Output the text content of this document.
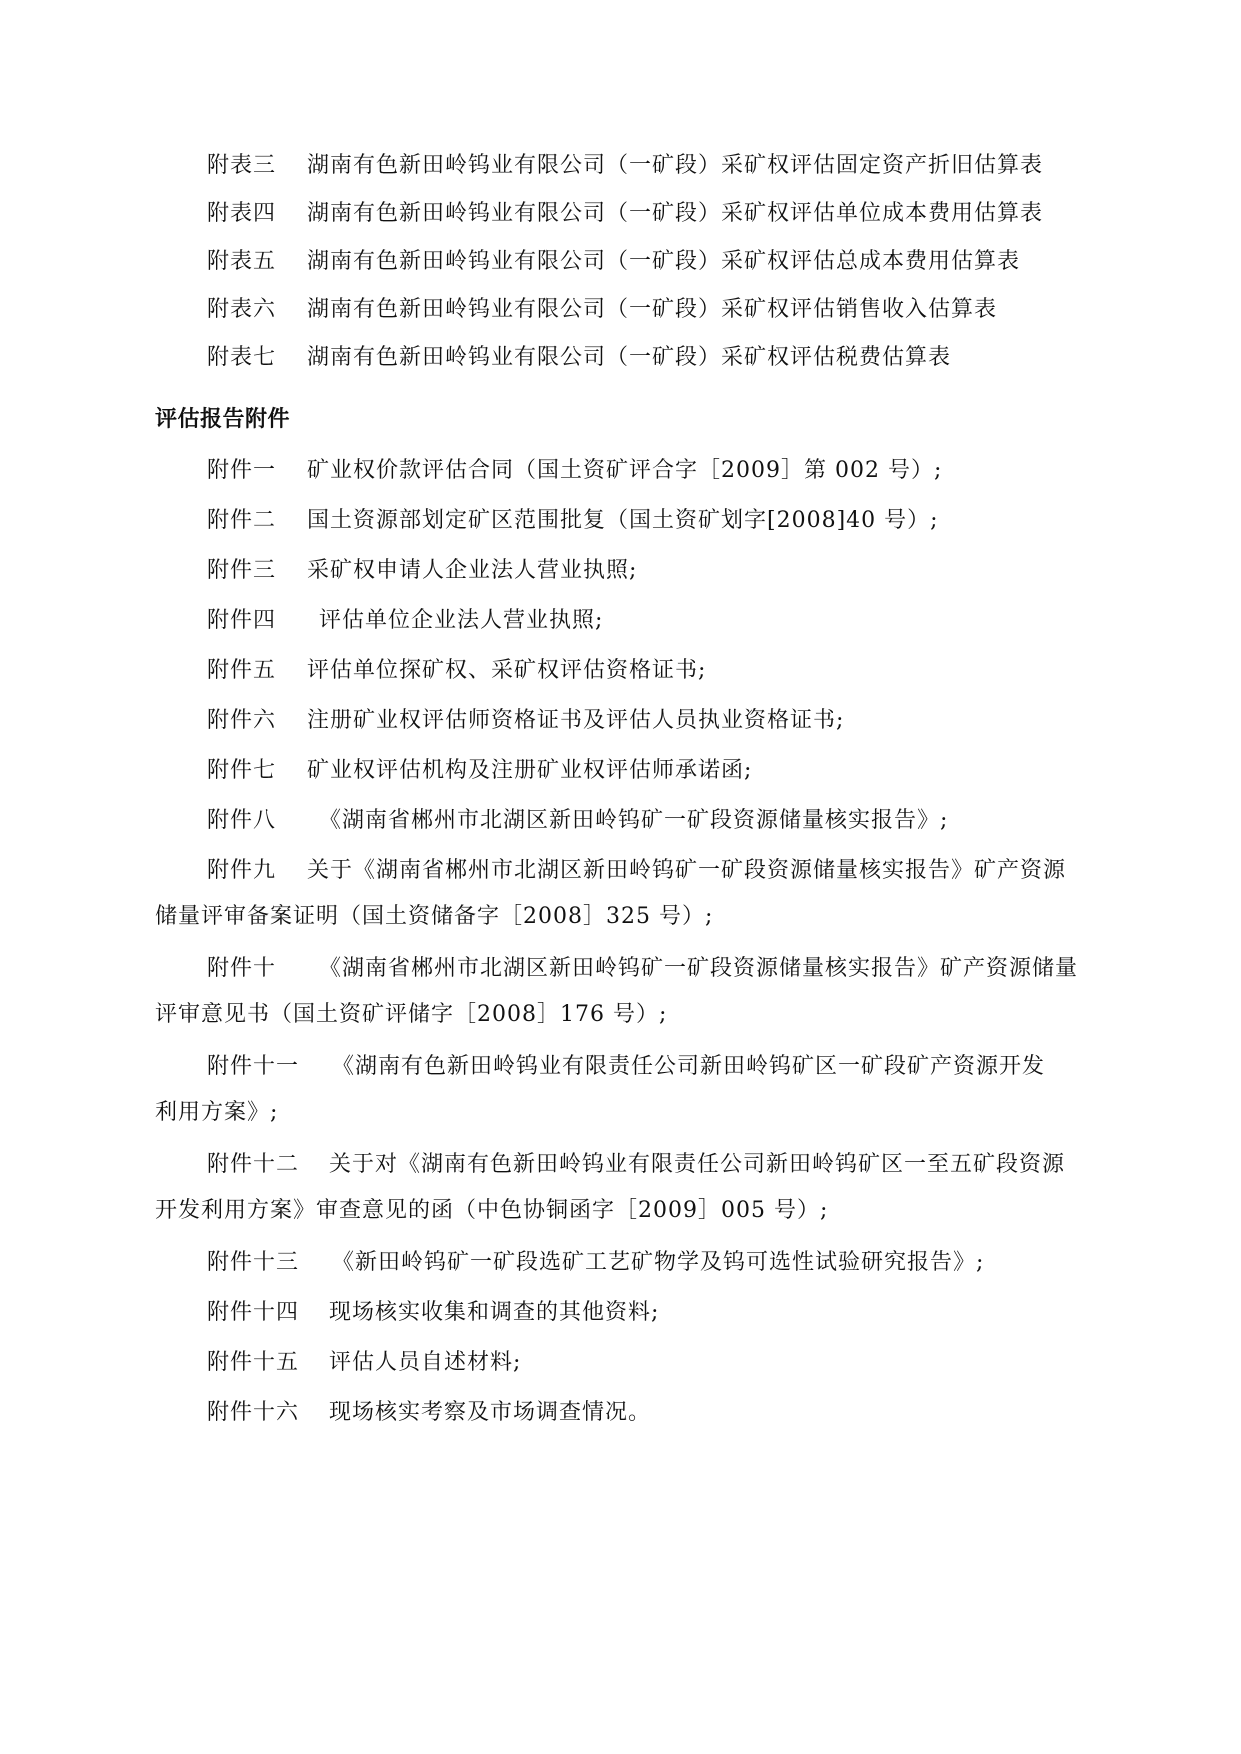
附表三 湖南有色新田岭钨业有限公司（一矿段）采矿权评估固定资产折旧估算表
附表四 湖南有色新田岭钨业有限公司（一矿段）采矿权评估单位成本费用估算表
附表五 湖南有色新田岭钨业有限公司（一矿段）采矿权评估总成本费用估算表
附表六 湖南有色新田岭钨业有限公司（一矿段）采矿权评估销售收入估算表
附表七 湖南有色新田岭钨业有限公司（一矿段）采矿权评估税费估算表
评估报告附件
附件一 矿业权价款评估合同（国土资矿评合字［2009］第 002 号）;
附件二 国土资源部划定矿区范围批复（国土资矿划字[2008]40 号）;
附件三 采矿权申请人企业法人营业执照;
附件四 评估单位企业法人营业执照;
附件五 评估单位探矿权、采矿权评估资格证书;
附件六 注册矿业权评估师资格证书及评估人员执业资格证书;
附件七 矿业权评估机构及注册矿业权评估师承诺函;
附件八 《湖南省郴州市北湖区新田岭钨矿一矿段资源储量核实报告》;
附件九 关于《湖南省郴州市北湖区新田岭钨矿一矿段资源储量核实报告》矿产资源
储量评审备案证明（国土资储备字［2008］325 号）;
附件十 《湖南省郴州市北湖区新田岭钨矿一矿段资源储量核实报告》矿产资源储量
评审意见书（国土资矿评储字［2008］176 号）;
附件十一 《湖南有色新田岭钨业有限责任公司新田岭钨矿区一矿段矿产资源开发
利用方案》;
附件十二 关于对《湖南有色新田岭钨业有限责任公司新田岭钨矿区一至五矿段资源
开发利用方案》审查意见的函（中色协铜函字［2009］005 号）;
附件十三 《新田岭钨矿一矿段选矿工艺矿物学及钨可选性试验研究报告》;
附件十四 现场核实收集和调查的其他资料;
附件十五 评估人员自述材料;
附件十六 现场核实考察及市场调查情况。
